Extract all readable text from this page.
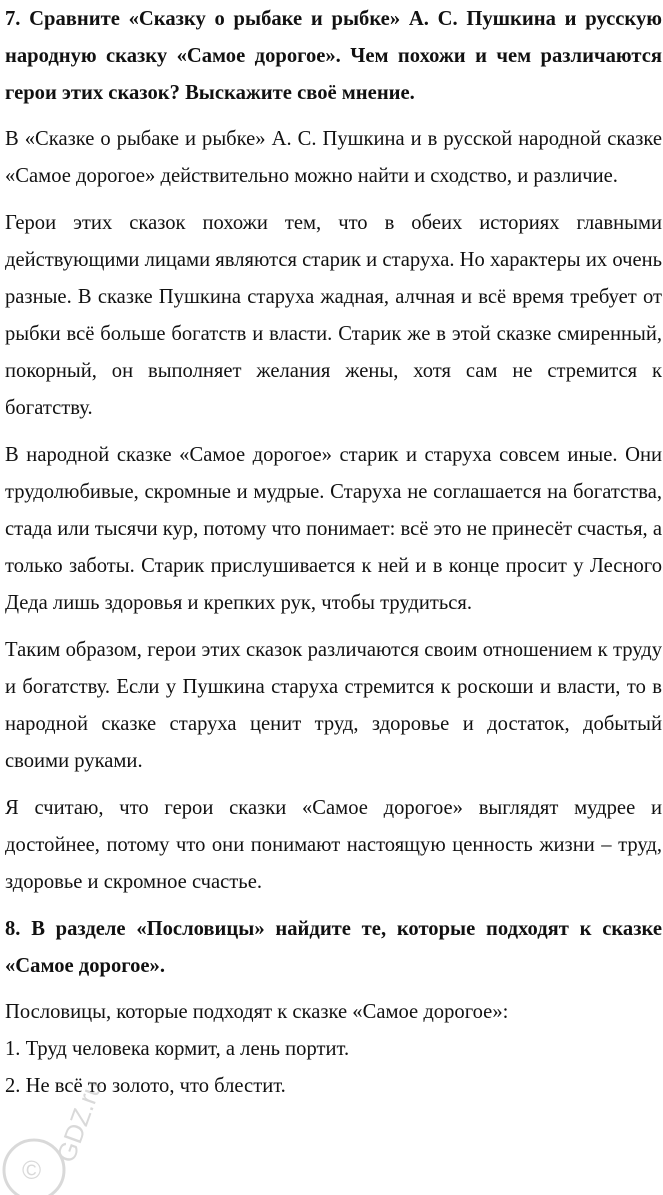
7. Сравните «Сказку о рыбаке и рыбке» А. С. Пушкина и русскую народную сказку «Самое дорогое». Чем похожи и чем различаются герои этих сказок? Выскажите своё мнение.

В «Сказке о рыбаке и рыбке» А. С. Пушкина и в русской народной сказке «Самое дорогое» действительно можно найти и сходство, и различие.

Герои этих сказок похожи тем, что в обеих историях главными действующими лицами являются старик и старуха. Но характеры их очень разные. В сказке Пушкина старуха жадная, алчная и всё время требует от рыбки всё больше богатств и власти. Старик же в этой сказке смиренный, покорный, он выполняет желания жены, хотя сам не стремится к богатству.

В народной сказке «Самое дорогое» старик и старуха совсем иные. Они трудолюбивые, скромные и мудрые. Старуха не соглашается на богатства, стада или тысячи кур, потому что понимает: всё это не принесёт счастья, а только заботы. Старик прислушивается к ней и в конце просит у Лесного Деда лишь здоровья и крепких рук, чтобы трудиться.

Таким образом, герои этих сказок различаются своим отношением к труду и богатству. Если у Пушкина старуха стремится к роскоши и власти, то в народной сказке старуха ценит труд, здоровье и достаток, добытый своими руками.

Я считаю, что герои сказки «Самое дорогое» выглядят мудрее и достойнее, потому что они понимают настоящую ценность жизни – труд, здоровье и скромное счастье.

8. В разделе «Пословицы» найдите те, которые подходят к сказке «Самое дорогое».

Пословицы, которые подходят к сказке «Самое дорогое»:

1. Труд человека кормит, а лень портит.

2. Не всё то золото, что блестит.

©
GDZ.ru
